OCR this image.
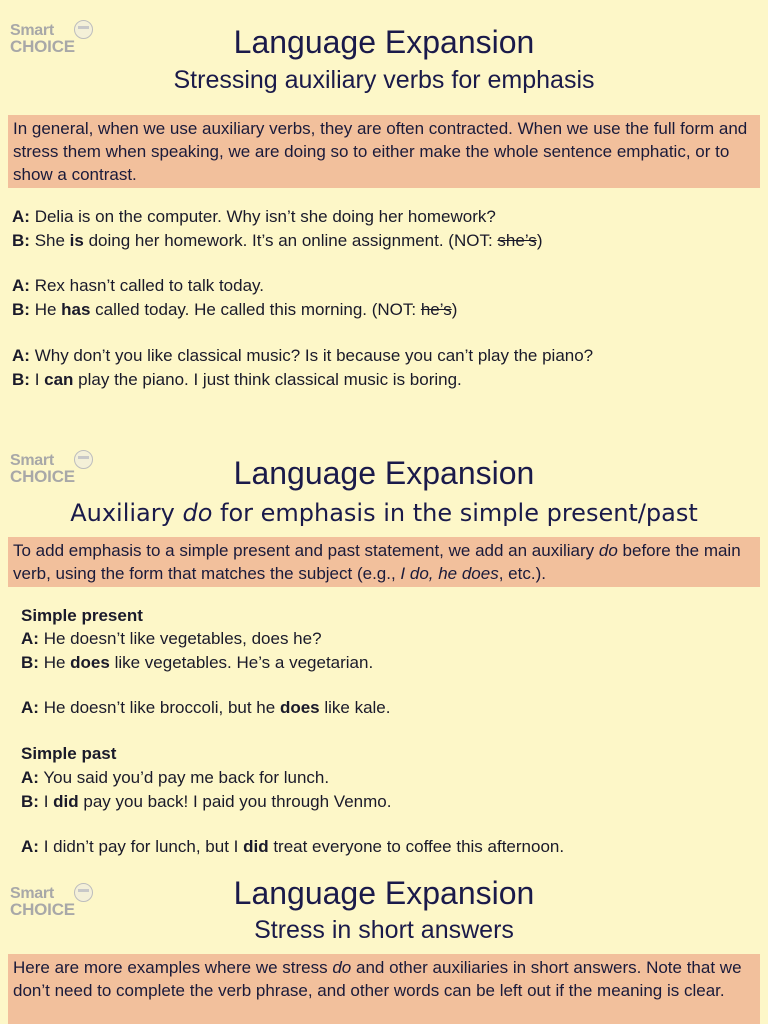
Smart
CHOICE	Language Expansion
Stressing auxiliary verbs for emphasis
In general, when we use auxiliary verbs, they are often contracted. When we use the full form and stress them when speaking, we are doing so to either make the whole sentence emphatic, or to show a contrast.
A: Delia is on the computer. Why isn’t she doing her homework?
B: She is doing her homework. It’s an online assignment. (NOT: she’s)
A: Rex hasn’t called to talk today.
B: He has called today. He called this morning. (NOT: he’s)
A: Why don’t you like classical music? Is it because you can’t play the piano?
B: I can play the piano. I just think classical music is boring.
Smart
CHOICE	Language Expansion
Auxiliary do for emphasis in the simple present/past
To add emphasis to a simple present and past statement, we add an auxiliary do before the main verb, using the form that matches the subject (e.g., I do, he does, etc.).
Simple present
A: He doesn’t like vegetables, does he?
B: He does like vegetables. He’s a vegetarian.
A: He doesn’t like broccoli, but he does like kale.
Simple past
A: You said you’d pay me back for lunch.
B: I did pay you back! I paid you through Venmo.
A: I didn’t pay for lunch, but I did treat everyone to coffee this afternoon.
Smart
CHOICE	Language Expansion
Stress in short answers
Here are more examples where we stress do and other auxiliaries in short answers. Note that we don’t need to complete the verb phrase, and other words can be left out if the meaning is clear.
